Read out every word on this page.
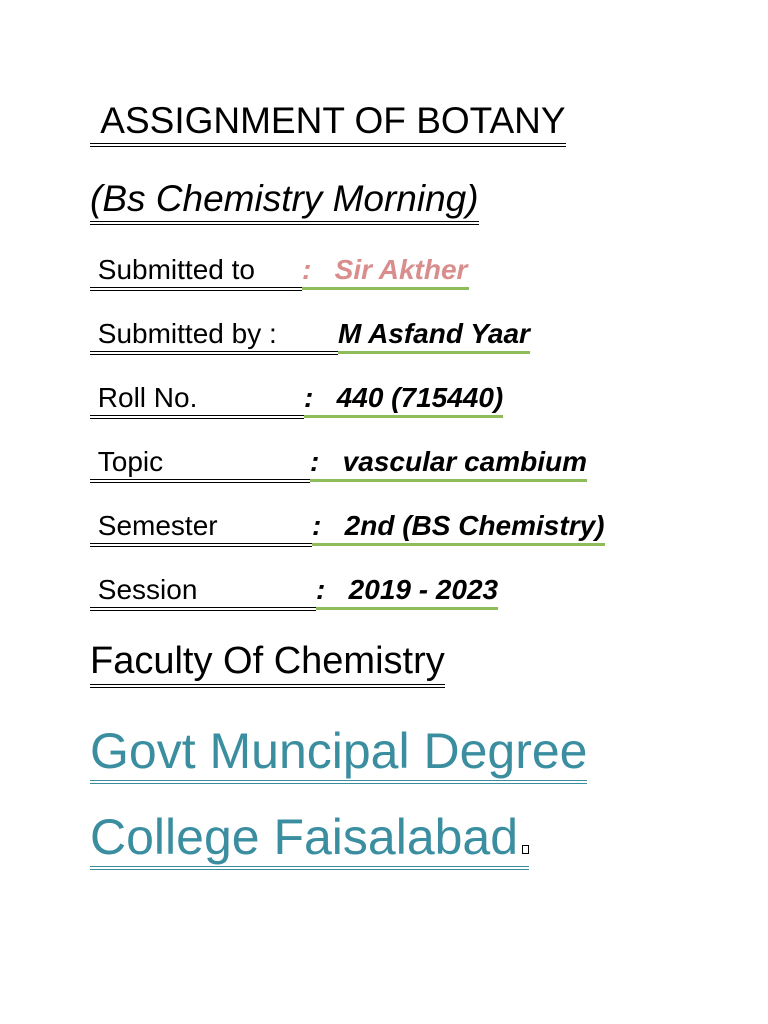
ASSIGNMENT OF BOTANY
(Bs Chemistry Morning)
Submitted to: Sir Akther
Submitted by : M Asfand Yaar
Roll No.	: 440 (715440)
Topic	: vascular cambium
Semester	: 2nd (BS Chemistry)
Session	: 2019 - 2023
Faculty Of Chemistry
Govt Muncipal Degree
College Faisalabad
